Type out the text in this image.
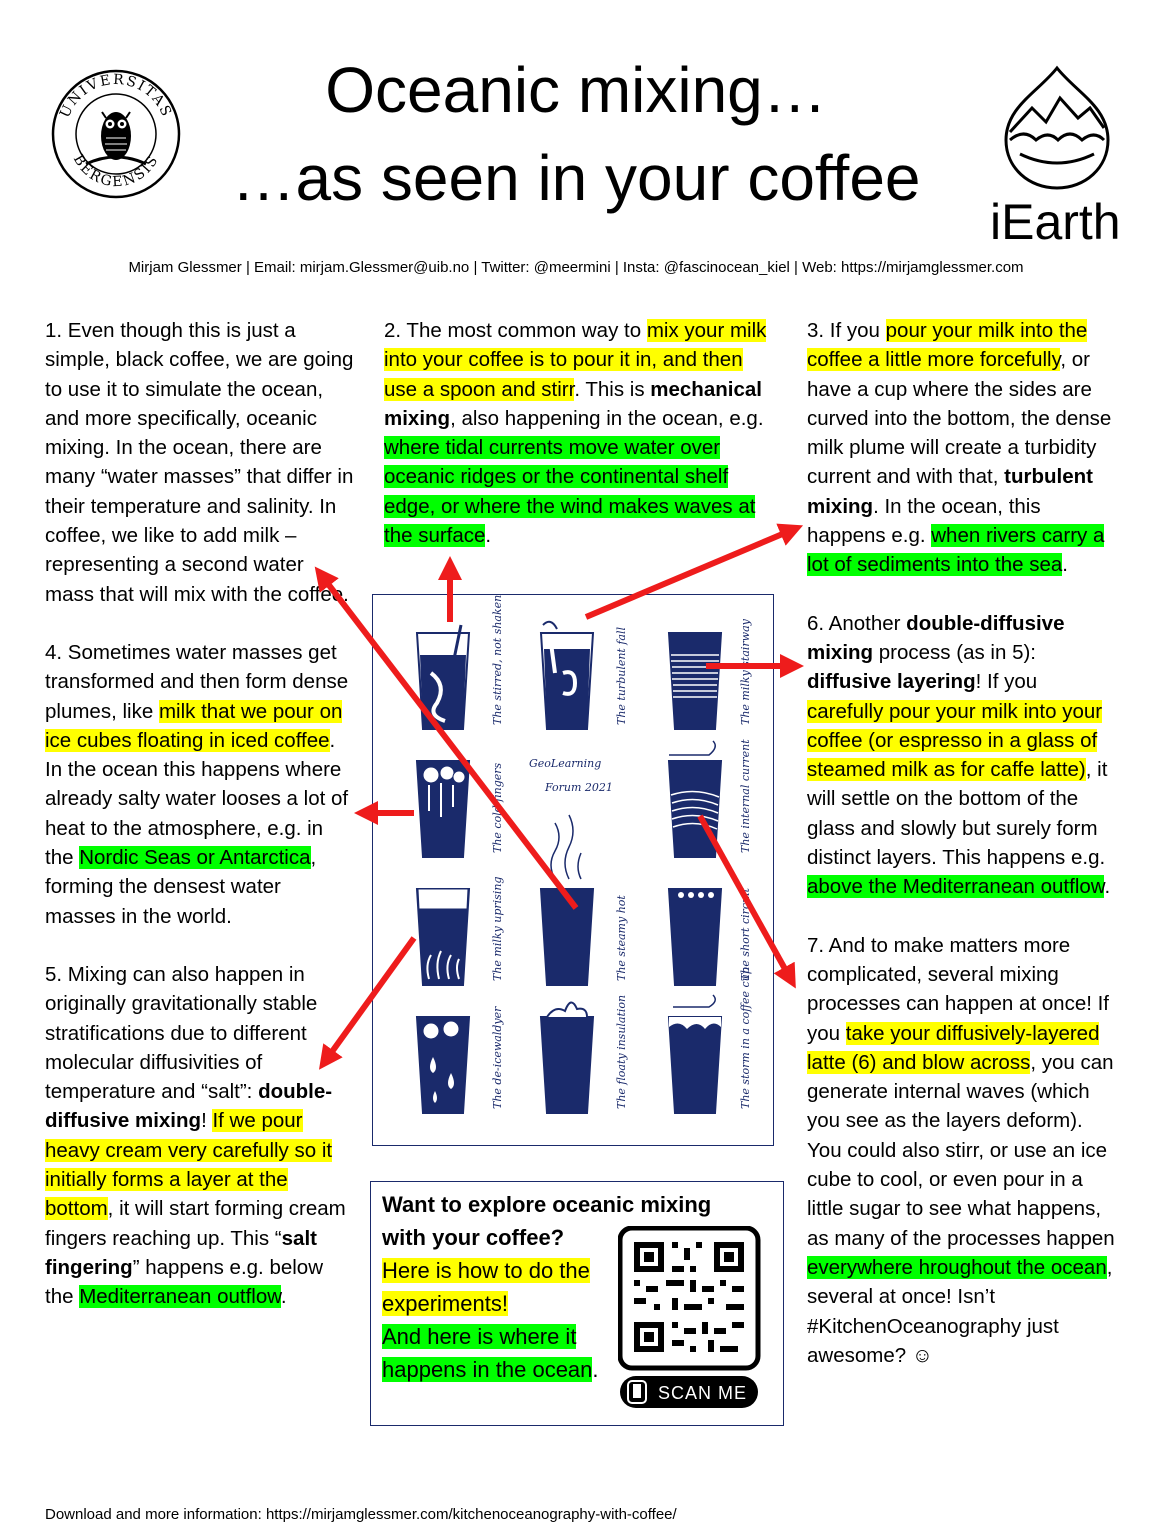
UNIVERSITAS
BERGENSIS
Oceanic mixing…
…as seen in your coffee
iEarth
Mirjam Glessmer | Email: mirjam.Glessmer@uib.no | Twitter: @meermini | Insta: @fascinocean_kiel | Web: https://mirjamglessmer.com

1. Even though this is just a simple, black coffee, we are going to use it to simulate the ocean, and more specifically, oceanic mixing. In the ocean, there are many “water masses” that differ in their temperature and salinity. In coffee, we like to add milk – representing a second water mass that will mix with the coffee.

4. Sometimes water masses get transformed and then form dense plumes, like milk that we pour on ice cubes floating in iced coffee. In the ocean this happens where already salty water looses a lot of heat to the atmosphere, e.g. in the Nordic Seas or Antarctica, forming the densest water masses in the world.

5. Mixing can also happen in originally gravitationally stable stratifications due to different molecular diffusivities of temperature and “salt”: double-diffusive mixing! If we pour heavy cream very carefully so it initially forms a layer at the bottom, it will start forming cream fingers reaching up. This “salt fingering” happens e.g. below the Mediterranean outflow.

2. The most common way to mix your milk into your coffee is to pour it in, and then use a spoon and stirr. This is mechanical mixing, also happening in the ocean, e.g. where tidal currents move water over oceanic ridges or the continental shelf edge, or where the wind makes waves at the surface.

3. If you pour your milk into the coffee a little more forcefully, or have a cup where the sides are curved into the bottom, the dense milk plume will create a turbidity current and with that, turbulent mixing. In the ocean, this happens e.g. when rivers carry a lot of sediments into the sea.

6. Another double-diffusive mixing process (as in 5): diffusive layering! If you carefully pour your milk into your coffee (or espresso in a glass of steamed milk as for caffe latte), it will settle on the bottom of the glass and slowly but surely form distinct layers. This happens e.g. above the Mediterranean outflow.

7. And to make matters more complicated, several mixing processes can happen at once! If you take your diffusively-layered latte (6) and blow across, you can generate internal waves (which you see as the layers deform). You could also stirr, or use an ice cube to cool, or even pour in a little sugar to see what happens, as many of the processes happen everywhere hroughout the ocean, several at once! Isn’t #KitchenOceanography just awesome? ☺

GeoLearning
Forum 2021
The stirred, not shaken	The turbulent fall	The milky stairway
The cold fingers	The internal current
The milky uprising	The steamy hot	The short circuit
The de-icewaldyer	The floaty insulation	The storm in a coffee cup
Want to explore oceanic mixing with your coffee?
Here is how to do the experiments!
And here is where it happens in the ocean.
SCAN ME
Download and more information: https://mirjamglessmer.com/kitchenoceanography-with-coffee/
